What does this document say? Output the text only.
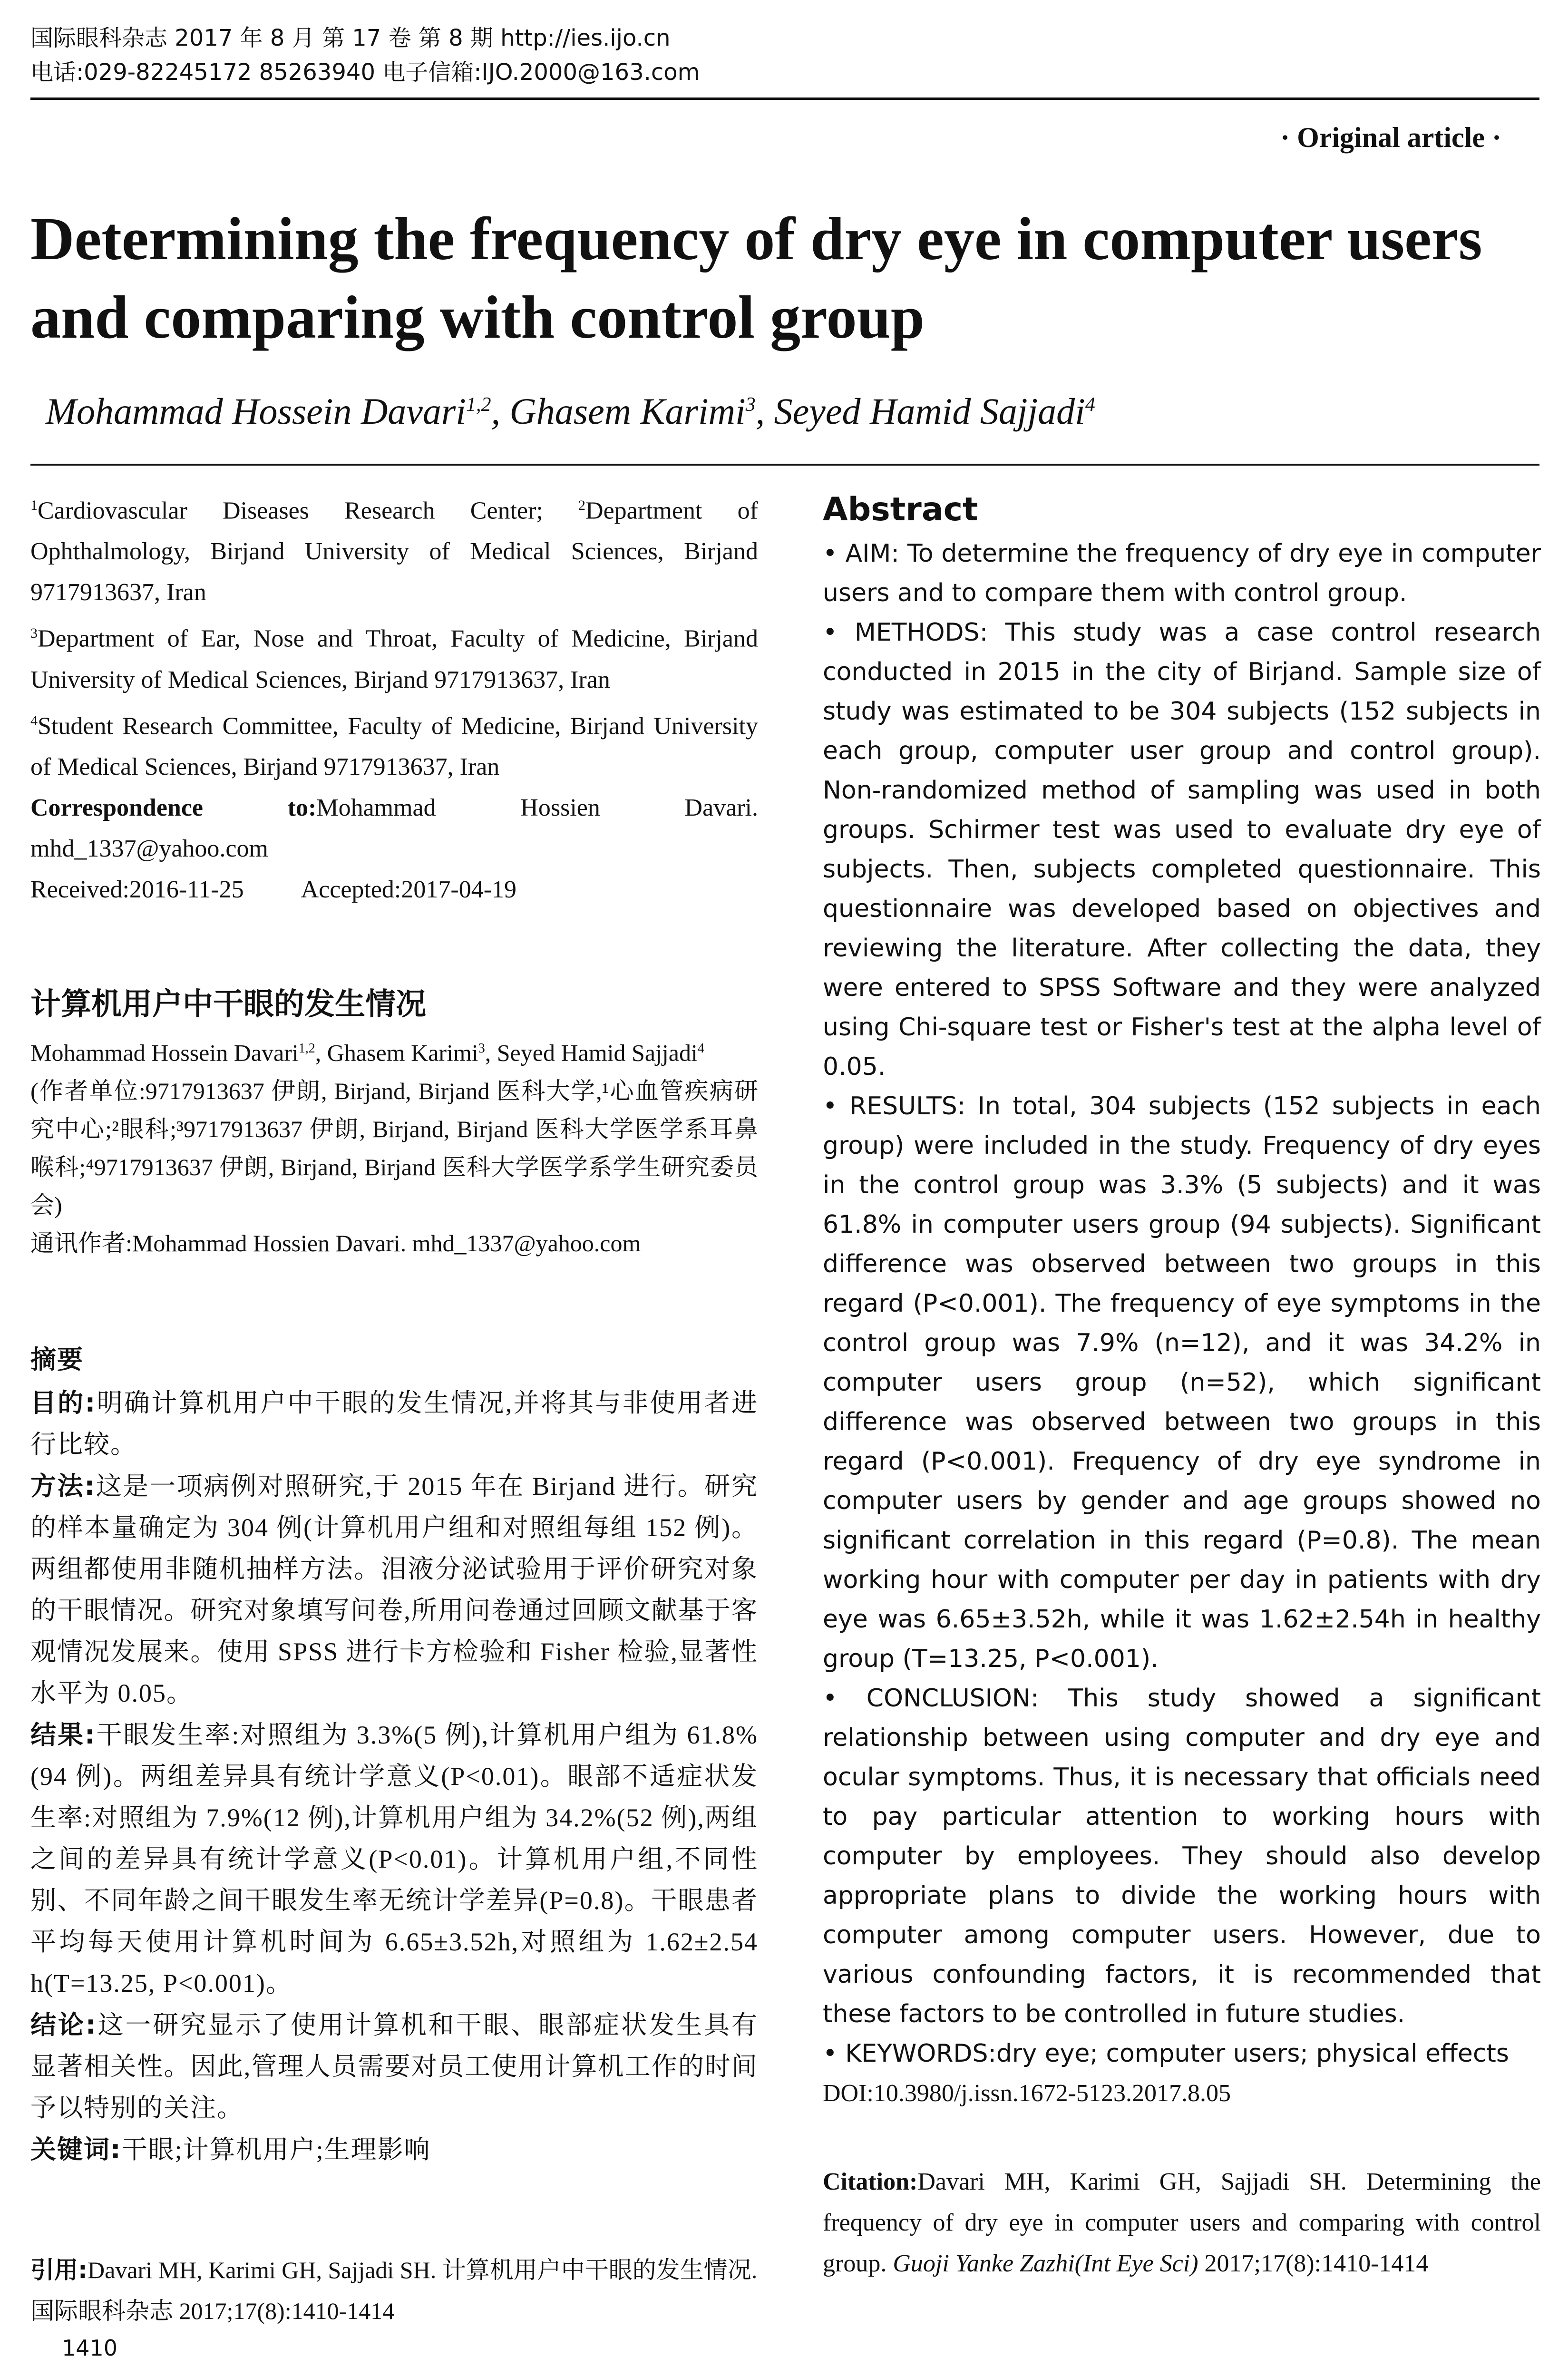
国际眼科杂志 2017 年 8 月 第 17 卷 第 8 期 http://ies.ijo.cn
电话:029-82245172 85263940 电子信箱:IJO.2000@163.com
· Original article ·
Determining the frequency of dry eye in computer users and comparing with control group
Mohammad Hossein Davari$^{1,2}$, Ghasem Karimi$^3$, Seyed Hamid Sajjadi$^4$

$^1$Cardiovascular Diseases Research Center; $^2$Department of Ophthalmology, Birjand University of Medical Sciences, Birjand 9717913637, Iran

$^3$Department of Ear, Nose and Throat, Faculty of Medicine, Birjand University of Medical Sciences, Birjand 9717913637, Iran

$^4$Student Research Committee, Faculty of Medicine, Birjand University of Medical Sciences, Birjand 9717913637, Iran

Correspondence to:Mohammad Hossien Davari. mhd_1337@yahoo.com

Received:2016-11-25 Accepted:2017-04-19

计算机用户中干眼的发生情况

Mohammad Hossein Davari$^{1,2}$, Ghasem Karimi$^3$, Seyed Hamid Sajjadi$^4$

(作者单位:9717913637 伊朗, Birjand, Birjand 医科大学,¹心血管疾病研究中心;²眼科;³9717913637 伊朗, Birjand, Birjand 医科大学医学系耳鼻喉科;⁴9717913637 伊朗, Birjand, Birjand 医科大学医学系学生研究委员会)

通讯作者:Mohammad Hossien Davari. mhd_1337@yahoo.com

摘要

目的:明确计算机用户中干眼的发生情况,并将其与非使用者进行比较。

方法:这是一项病例对照研究,于 2015 年在 Birjand 进行。研究的样本量确定为 304 例(计算机用户组和对照组每组 152 例)。两组都使用非随机抽样方法。泪液分泌试验用于评价研究对象的干眼情况。研究对象填写问卷,所用问卷通过回顾文献基于客观情况发展来。使用 SPSS 进行卡方检验和 Fisher 检验,显著性水平为 0.05。

结果:干眼发生率:对照组为 3.3%(5 例),计算机用户组为 61.8%(94 例)。两组差异具有统计学意义(P<0.01)。眼部不适症状发生率:对照组为 7.9%(12 例),计算机用户组为 34.2%(52 例),两组之间的差异具有统计学意义(P<0.01)。计算机用户组,不同性别、不同年龄之间干眼发生率无统计学差异(P=0.8)。干眼患者平均每天使用计算机时间为 6.65±3.52h,对照组为 1.62±2.54 h(T=13.25, P<0.001)。

结论:这一研究显示了使用计算机和干眼、眼部症状发生具有显著相关性。因此,管理人员需要对员工使用计算机工作的时间予以特别的关注。

关键词:干眼;计算机用户;生理影响

引用:Davari MH, Karimi GH, Sajjadi SH. 计算机用户中干眼的发生情况. 国际眼科杂志 2017;17(8):1410-1414
1410

Abstract

• AIM: To determine the frequency of dry eye in computer users and to compare them with control group.

• METHODS: This study was a case control research conducted in 2015 in the city of Birjand. Sample size of study was estimated to be 304 subjects (152 subjects in each group, computer user group and control group). Non-randomized method of sampling was used in both groups. Schirmer test was used to evaluate dry eye of subjects. Then, subjects completed questionnaire. This questionnaire was developed based on objectives and reviewing the literature. After collecting the data, they were entered to SPSS Software and they were analyzed using Chi-square test or Fisher's test at the alpha level of 0.05.

• RESULTS: In total, 304 subjects (152 subjects in each group) were included in the study. Frequency of dry eyes in the control group was 3.3% (5 subjects) and it was 61.8% in computer users group (94 subjects). Significant difference was observed between two groups in this regard (P<0.001). The frequency of eye symptoms in the control group was 7.9% (n=12), and it was 34.2% in computer users group (n=52), which significant difference was observed between two groups in this regard (P<0.001). Frequency of dry eye syndrome in computer users by gender and age groups showed no significant correlation in this regard (P=0.8). The mean working hour with computer per day in patients with dry eye was 6.65±3.52h, while it was 1.62±2.54h in healthy group (T=13.25, P<0.001).

• CONCLUSION: This study showed a significant relationship between using computer and dry eye and ocular symptoms. Thus, it is necessary that officials need to pay particular attention to working hours with computer by employees. They should also develop appropriate plans to divide the working hours with computer among computer users. However, due to various confounding factors, it is recommended that these factors to be controlled in future studies.

• KEYWORDS:dry eye; computer users; physical effects

DOI:10.3980/j.issn.1672-5123.2017.8.05

Citation:Davari MH, Karimi GH, Sajjadi SH. Determining the frequency of dry eye in computer users and comparing with control group. Guoji Yanke Zazhi(Int Eye Sci) 2017;17(8):1410-1414
